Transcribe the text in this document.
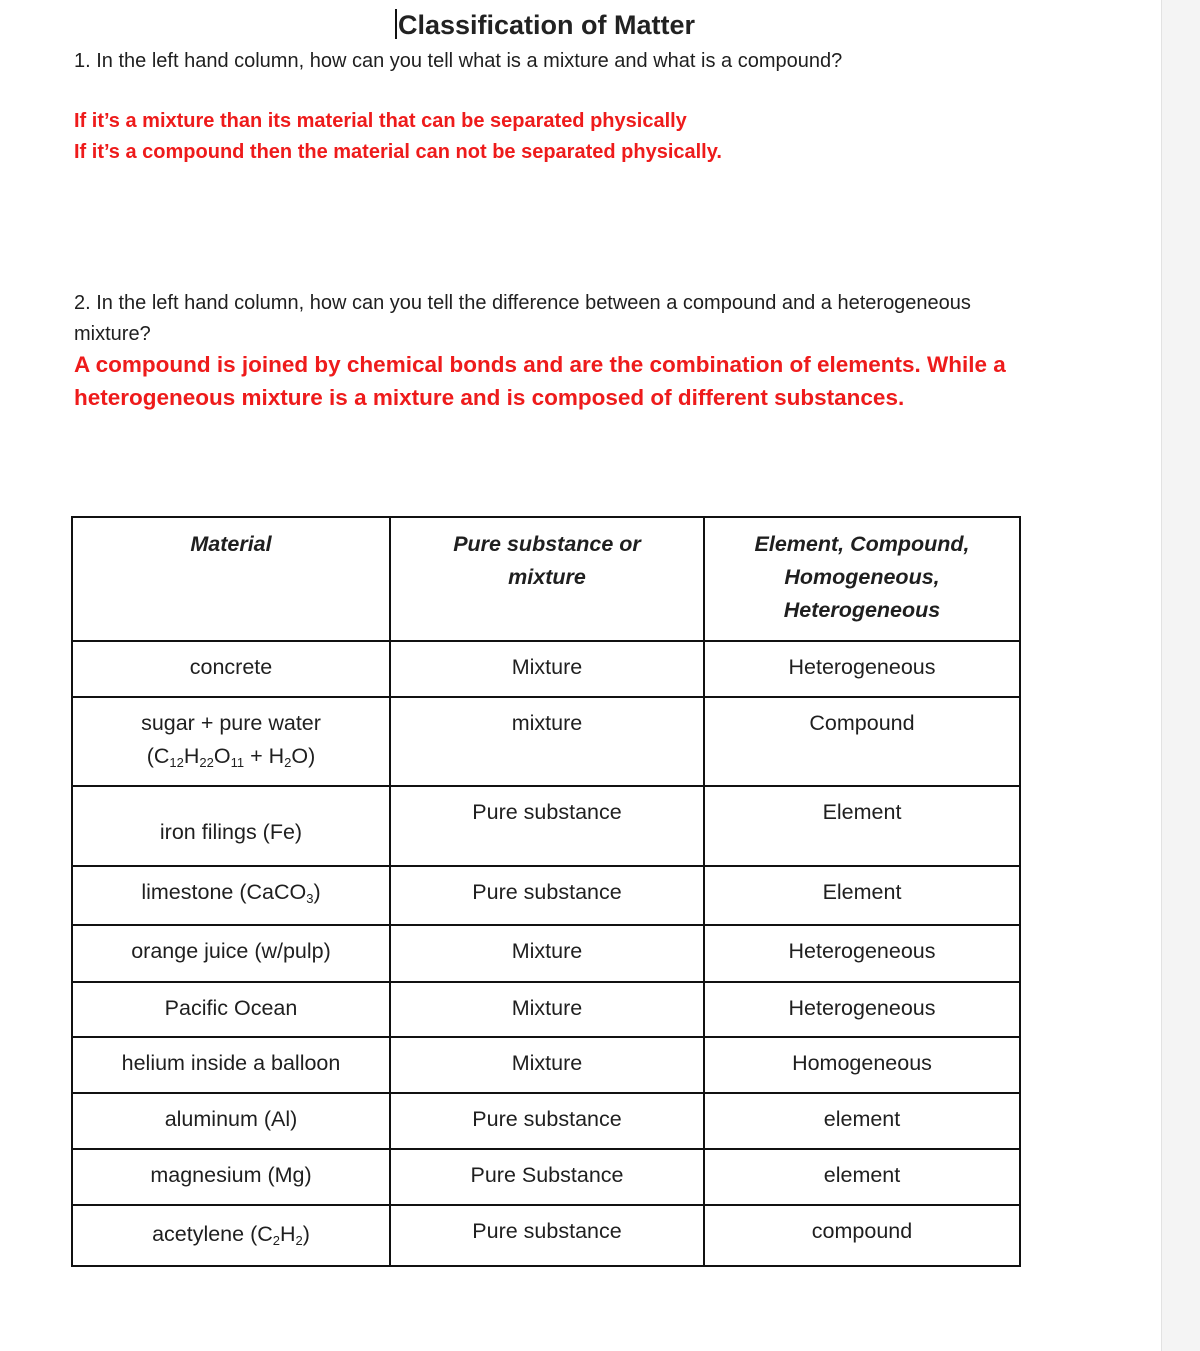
Classification of Matter
1. In the left hand column, how can you tell what is a mixture and what is a compound?
If it’s a mixture than its material that can be separated physically
If it’s a compound then the material can not be separated physically.
2. In the left hand column, how can you tell the difference between a compound and a heterogeneous mixture?
A compound is joined by chemical bonds and are the combination of elements. While a heterogeneous mixture is a mixture and is composed of different substances.
Material	Pure substance or mixture	Element, Compound, Homogeneous, Heterogeneous
concrete	Mixture	Heterogeneous

sugar + pure water
$(C_{12}H_{22}O_{11} + H_2O)$	mixture	Compound
iron filings (Fe)	Pure substance	Element
limestone (CaCO$_3$)	Pure substance	Element
orange juice (w/pulp)	Mixture	Heterogeneous
Pacific Ocean	Mixture	Heterogeneous
helium inside a balloon	Mixture	Homogeneous
aluminum (Al)	Pure substance	element
magnesium (Mg)	Pure Substance	element
acetylene $(C_2H_2)$	Pure substance	compound
